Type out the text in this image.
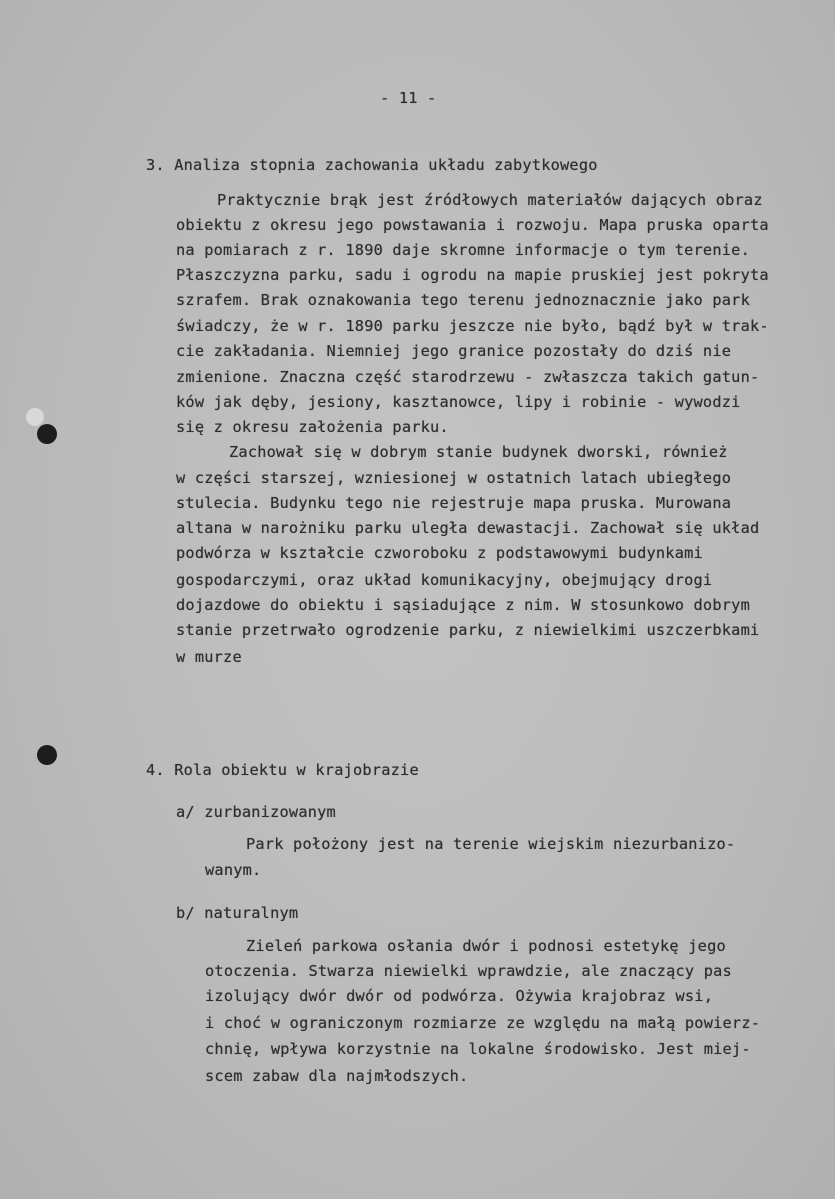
- 11 -
3. Analiza stopnia zachowania układu zabytkowego
Praktycznie brąk jest źródłowych materiałów dających obraz
obiektu z okresu jego powstawania i rozwoju. Mapa pruska oparta
na pomiarach z r. 1890 daje skromne informacje o tym terenie.
Płaszczyzna parku, sadu i ogrodu na mapie pruskiej jest pokryta
szrafem. Brak oznakowania tego terenu jednoznacznie jako park
świadczy, że w r. 1890 parku jeszcze nie było, bądź był w trak-
cie zakładania. Niemniej jego granice pozostały do dziś nie
zmienione. Znaczna część starodrzewu - zwłaszcza takich gatun-
ków jak dęby, jesiony, kasztanowce, lipy i robinie - wywodzi
się z okresu założenia parku.
Zachował się w dobrym stanie budynek dworski, również
w części starszej, wzniesionej w ostatnich latach ubiegłego
stulecia. Budynku tego nie rejestruje mapa pruska. Murowana
altana w narożniku parku uległa dewastacji. Zachował się układ
podwórza w kształcie czworoboku z podstawowymi budynkami
gospodarczymi, oraz układ komunikacyjny, obejmujący drogi
dojazdowe do obiektu i sąsiadujące z nim. W stosunkowo dobrym
stanie przetrwało ogrodzenie parku, z niewielkimi uszczerbkami
w murze
4. Rola obiektu w krajobrazie
a/ zurbanizowanym
Park położony jest na terenie wiejskim niezurbanizo-
wanym.
b/ naturalnym
Zieleń parkowa osłania dwór i podnosi estetykę jego
otoczenia. Stwarza niewielki wprawdzie, ale znaczący pas
izolujący dwór dwór od podwórza. Ożywia krajobraz wsi,
i choć w ograniczonym rozmiarze ze względu na małą powierz-
chnię, wpływa korzystnie na lokalne środowisko. Jest miej-
scem zabaw dla najmłodszych.
